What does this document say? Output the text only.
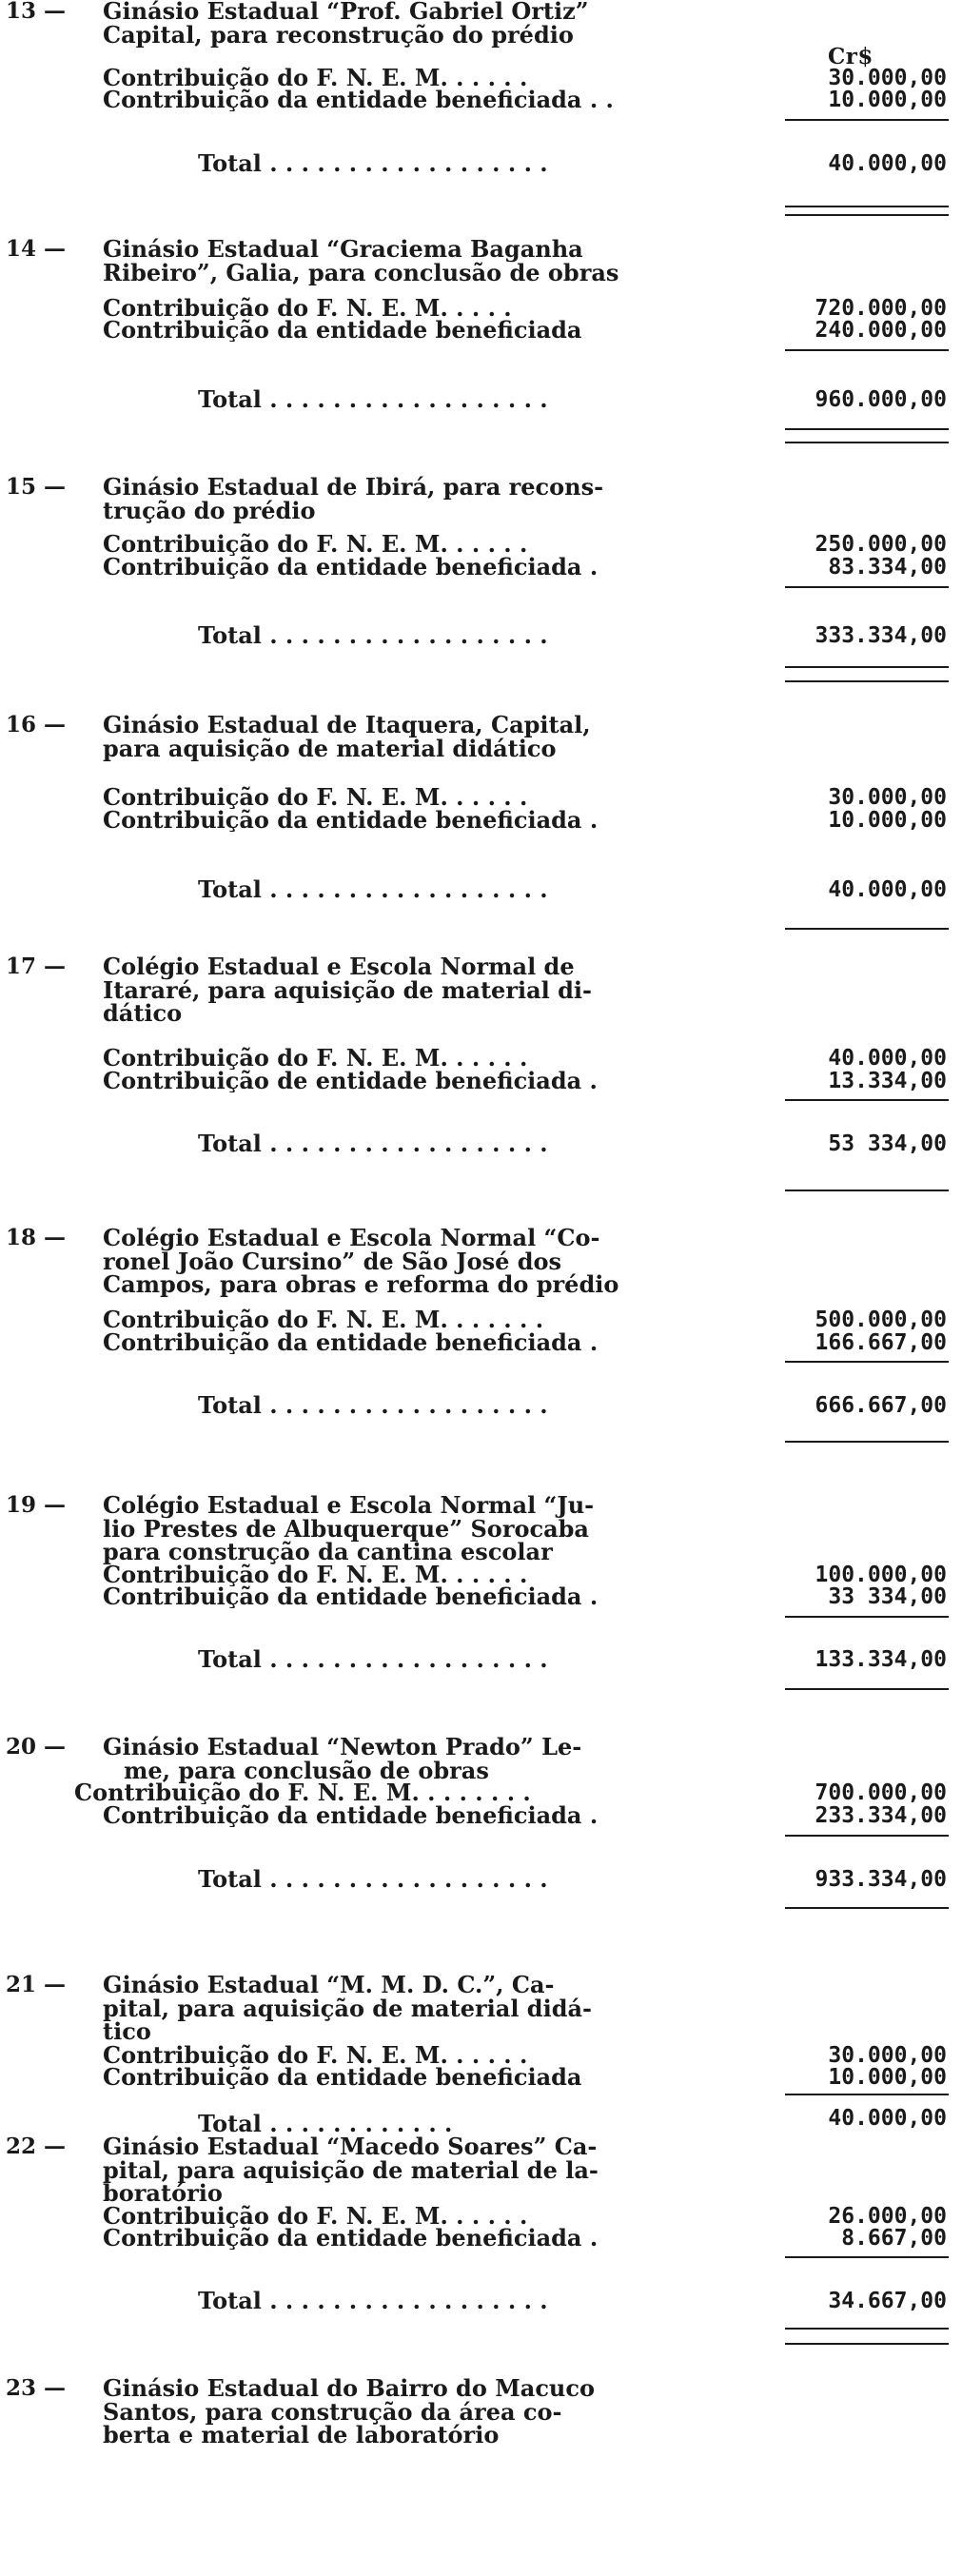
Cr$
13 — Ginásio Estadual “Prof. Gabriel Ortiz”
Capital, para reconstrução do prédio
Contribuição do F. N. E. M. . . . . .	30.000,00
Contribuição da entidade beneficiada . .	10.000,00
Total . . . . . . . . . . . . . . . . . .	40.000,00
14 — Ginásio Estadual “Graciema Baganha
Ribeiro”, Galia, para conclusão de obras
Contribuição do F. N. E. M. . . . .	720.000,00
Contribuição da entidade beneficiada	240.000,00
Total . . . . . . . . . . . . . . . . . .	960.000,00
15 — Ginásio Estadual de Ibirá, para recons-
trução do prédio
Contribuição do F. N. E. M. . . . . .	250.000,00
Contribuição da entidade beneficiada .	83.334,00
Total . . . . . . . . . . . . . . . . . .	333.334,00
16 — Ginásio Estadual de Itaquera, Capital,
para aquisição de material didático
Contribuição do F. N. E. M. . . . . .	30.000,00
Contribuição da entidade beneficiada .	10.000,00
Total . . . . . . . . . . . . . . . . . .	40.000,00
17 — Colégio Estadual e Escola Normal de
Itararé, para aquisição de material di-
dático
Contribuição do F. N. E. M. . . . . .	40.000,00
Contribuição de entidade beneficiada .	13.334,00
Total . . . . . . . . . . . . . . . . . .	53 334,00
18 — Colégio Estadual e Escola Normal “Co-
ronel João Cursino” de São José dos
Campos, para obras e reforma do prédio
Contribuição do F. N. E. M. . . . . . .	500.000,00
Contribuição da entidade beneficiada .	166.667,00
Total . . . . . . . . . . . . . . . . . .	666.667,00
19 — Colégio Estadual e Escola Normal “Ju-
lio Prestes de Albuquerque” Sorocaba
para construção da cantina escolar
Contribuição do F. N. E. M. . . . . .	100.000,00
Contribuição da entidade beneficiada .	33 334,00
Total . . . . . . . . . . . . . . . . . .	133.334,00
20 — Ginásio Estadual “Newton Prado” Le-
me, para conclusão de obras
Contribuição do F. N. E. M. . . . . . . .	700.000,00
Contribuição da entidade beneficiada .	233.334,00
Total . . . . . . . . . . . . . . . . . .	933.334,00
21 — Ginásio Estadual “M. M. D. C.”, Ca-
pital, para aquisição de material didá-
tico
Contribuição do F. N. E. M. . . . . .	30.000,00
Contribuição da entidade beneficiada	10.000,00
Total . . . . . . . . . . . .	40.000,00
22 — Ginásio Estadual “Macedo Soares” Ca-
pital, para aquisição de material de la-
boratório
Contribuição do F. N. E. M. . . . . .	26.000,00
Contribuição da entidade beneficiada .	8.667,00
Total . . . . . . . . . . . . . . . . . .	34.667,00
23 — Ginásio Estadual do Bairro do Macuco
Santos, para construção da área co-
berta e material de laboratório
